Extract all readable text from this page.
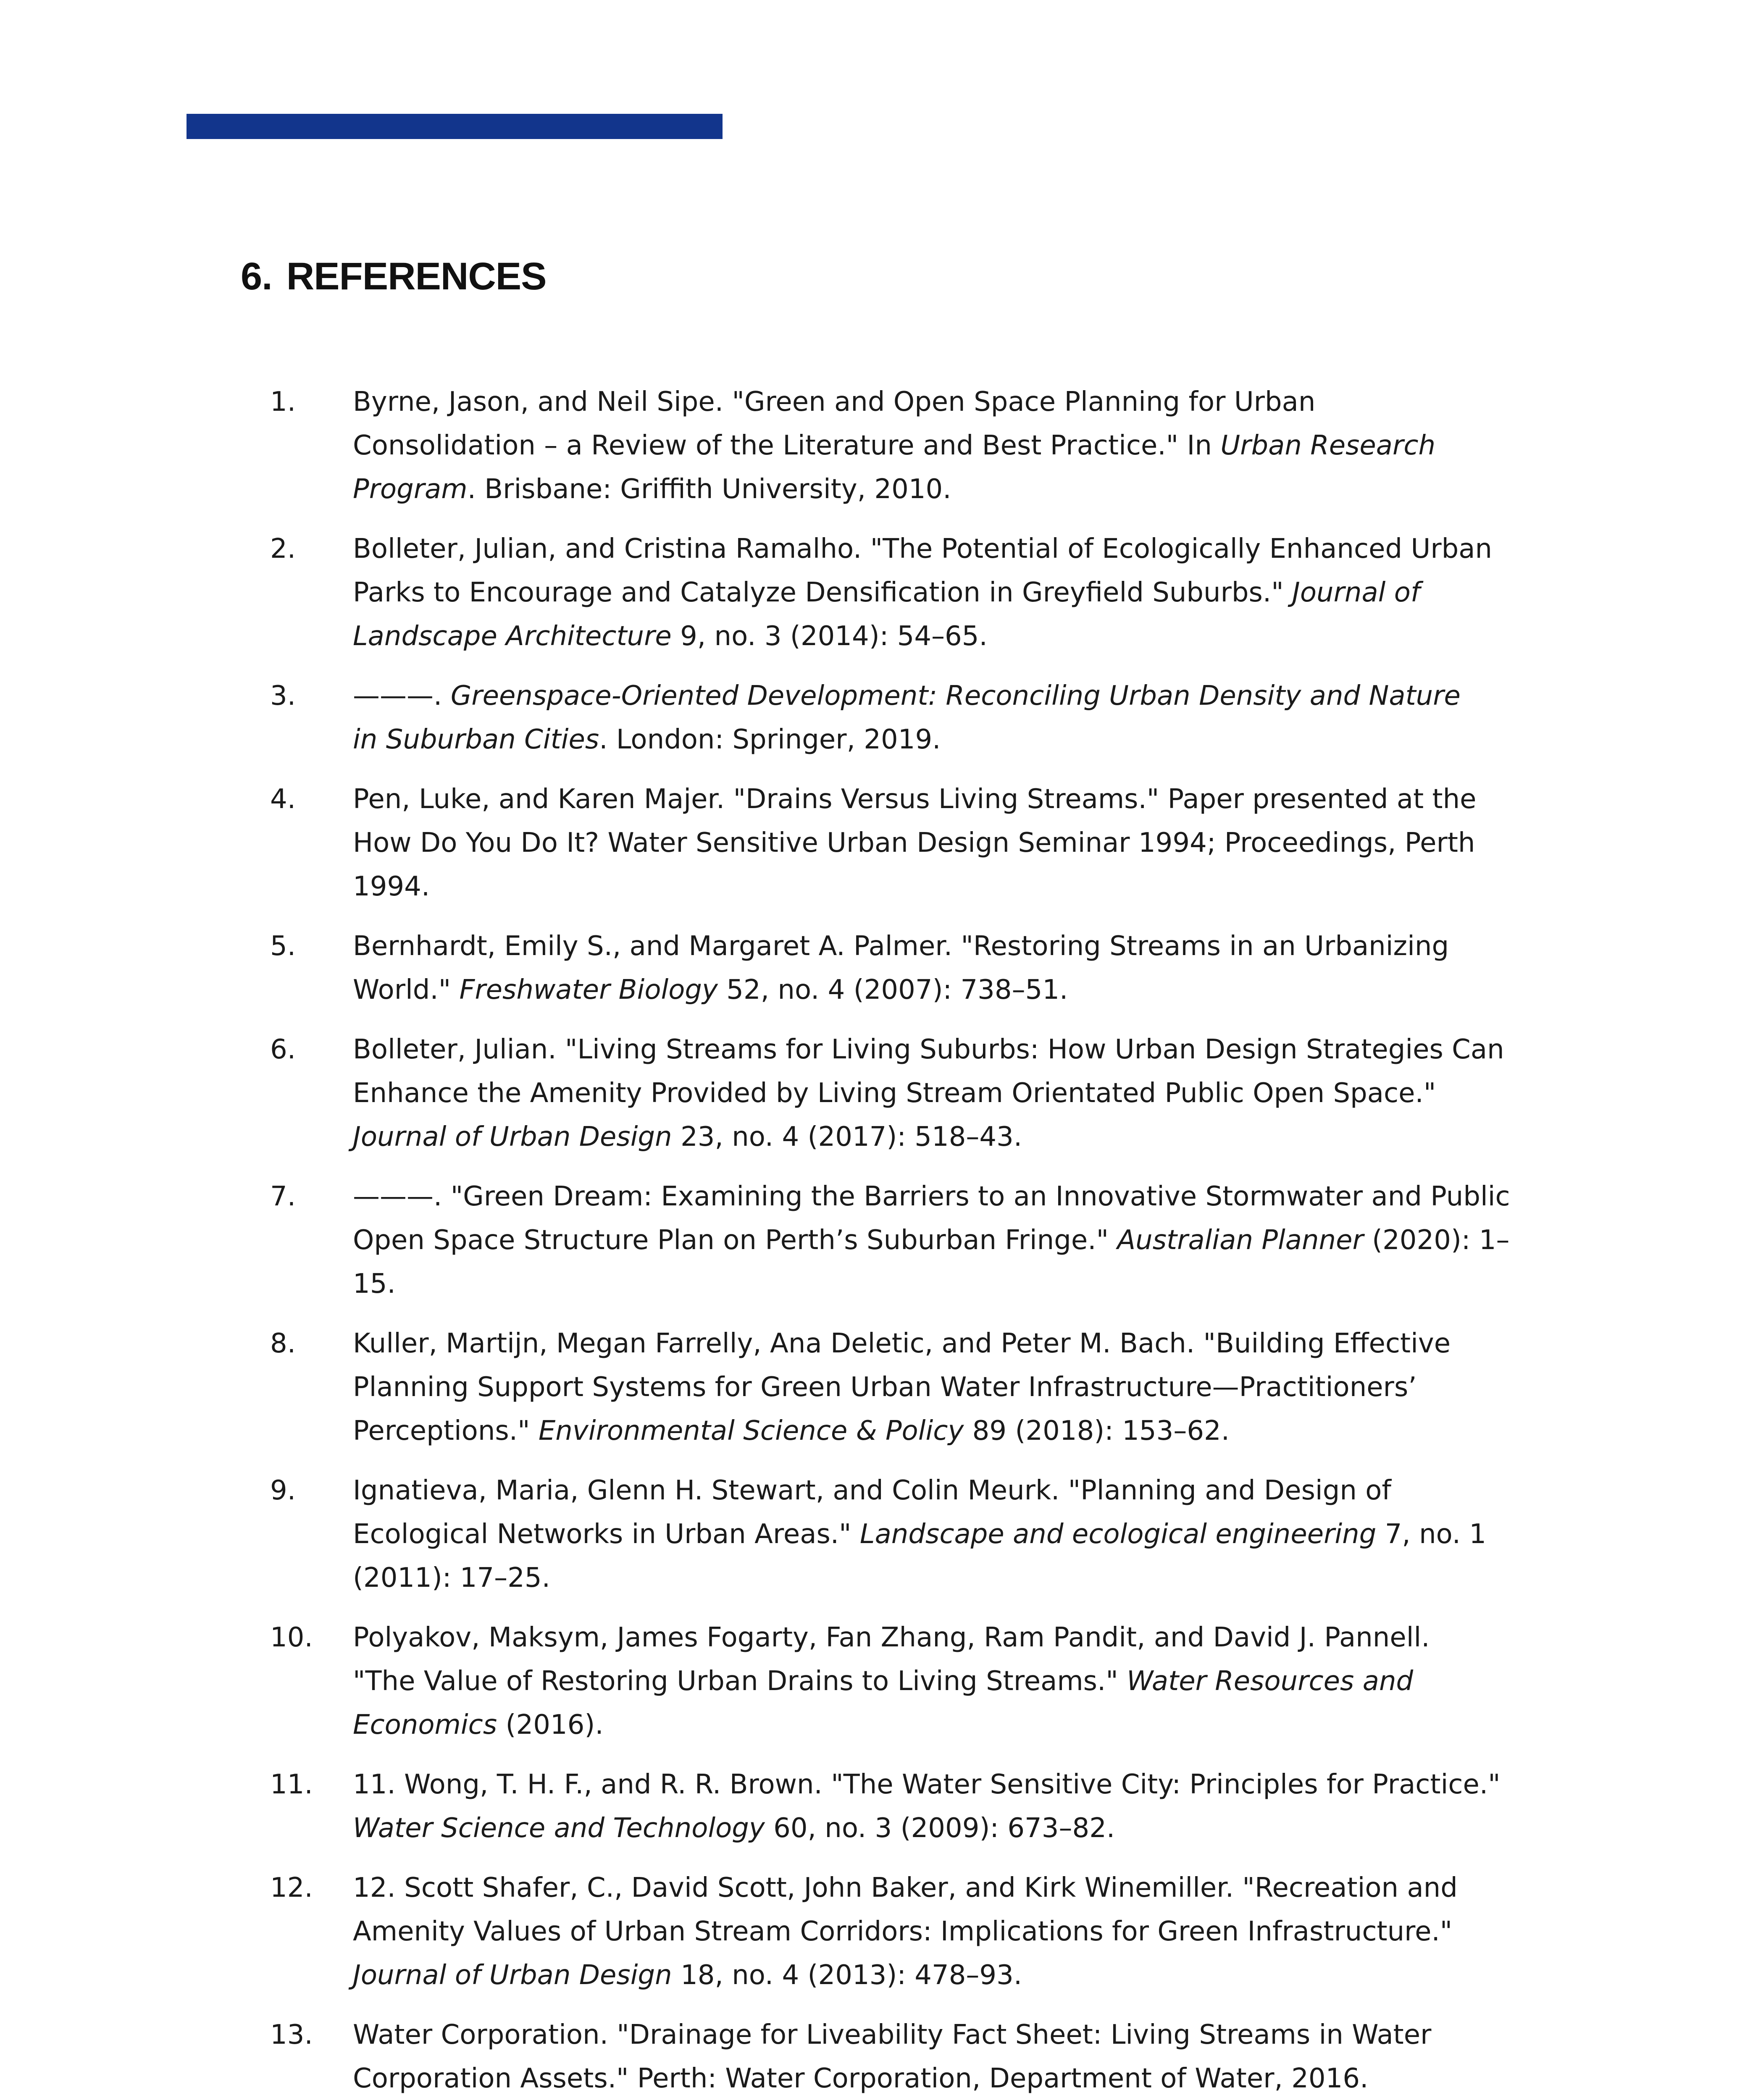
6. REFERENCES
1. Byrne, Jason, and Neil Sipe. "Green and Open Space Planning for Urban
Consolidation – a Review of the Literature and Best Practice." In Urban Research
Program. Brisbane: Griffith University, 2010.
2. Bolleter, Julian, and Cristina Ramalho. "The Potential of Ecologically Enhanced Urban
Parks to Encourage and Catalyze Densification in Greyfield Suburbs." Journal of
Landscape Architecture 9, no. 3 (2014): 54–65.
3. ———. Greenspace-Oriented Development: Reconciling Urban Density and Nature
in Suburban Cities. London: Springer, 2019.
4. Pen, Luke, and Karen Majer. "Drains Versus Living Streams." Paper presented at the
How Do You Do It? Water Sensitive Urban Design Seminar 1994; Proceedings, Perth
1994.
5. Bernhardt, Emily S., and Margaret A. Palmer. "Restoring Streams in an Urbanizing
World." Freshwater Biology 52, no. 4 (2007): 738–51.
6. Bolleter, Julian. "Living Streams for Living Suburbs: How Urban Design Strategies Can
Enhance the Amenity Provided by Living Stream Orientated Public Open Space."
Journal of Urban Design 23, no. 4 (2017): 518–43.
7. ———. "Green Dream: Examining the Barriers to an Innovative Stormwater and Public
Open Space Structure Plan on Perth’s Suburban Fringe." Australian Planner (2020): 1–
15.
8. Kuller, Martijn, Megan Farrelly, Ana Deletic, and Peter M. Bach. "Building Effective
Planning Support Systems for Green Urban Water Infrastructure—Practitioners’
Perceptions." Environmental Science & Policy 89 (2018): 153–62.
9. Ignatieva, Maria, Glenn H. Stewart, and Colin Meurk. "Planning and Design of
Ecological Networks in Urban Areas." Landscape and ecological engineering 7, no. 1
(2011): 17–25.
10. Polyakov, Maksym, James Fogarty, Fan Zhang, Ram Pandit, and David J. Pannell.
"The Value of Restoring Urban Drains to Living Streams." Water Resources and
Economics (2016).
11. 11. Wong, T. H. F., and R. R. Brown. "The Water Sensitive City: Principles for Practice."
Water Science and Technology 60, no. 3 (2009): 673–82.
12. 12. Scott Shafer, C., David Scott, John Baker, and Kirk Winemiller. "Recreation and
Amenity Values of Urban Stream Corridors: Implications for Green Infrastructure."
Journal of Urban Design 18, no. 4 (2013): 478–93.
13. Water Corporation. "Drainage for Liveability Fact Sheet: Living Streams in Water
Corporation Assets." Perth: Water Corporation, Department of Water, 2016.
